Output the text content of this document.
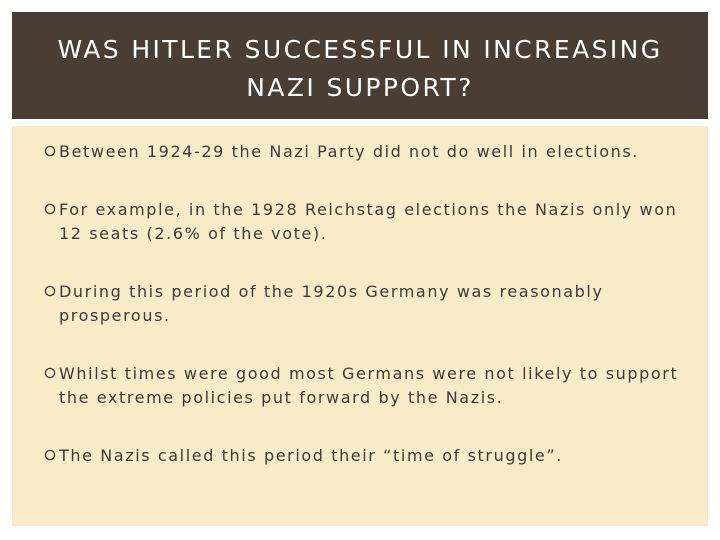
WAS HITLER SUCCESSFUL IN INCREASING NAZI SUPPORT?
Between 1924-29 the Nazi Party did not do well in elections.
For example, in the 1928 Reichstag elections the Nazis only won 12 seats (2.6% of the vote).
During this period of the 1920s Germany was reasonably prosperous.
Whilst times were good most Germans were not likely to support the extreme policies put forward by the Nazis.
The Nazis called this period their “time of struggle”.
